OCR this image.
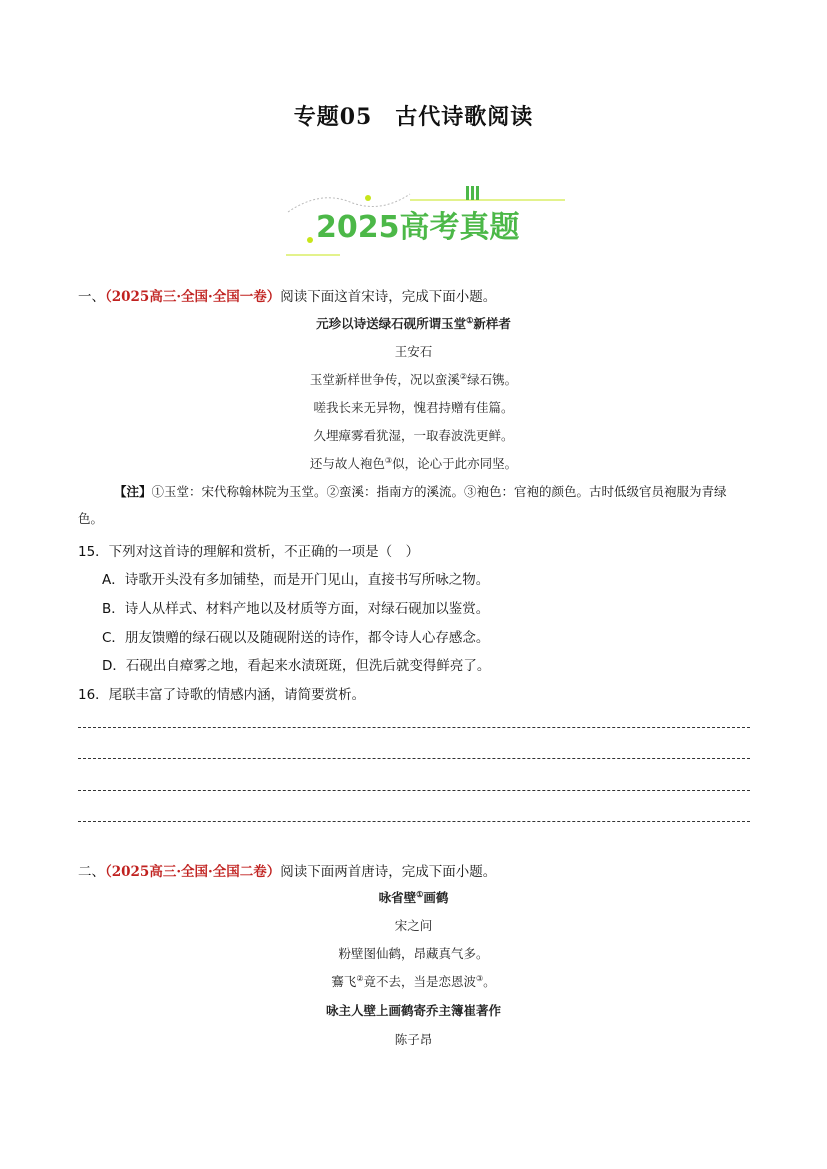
专题05　古代诗歌阅读
2025高考真题
一、（2025高三·全国·全国一卷）阅读下面这首宋诗，完成下面小题。
元珍以诗送绿石砚所谓玉堂①新样者
王安石
玉堂新样世争传，况以蛮溪②绿石镌。
嗟我长来无异物，愧君持赠有佳篇。
久埋瘴雾看犹湿，一取春波洗更鲜。
还与故人袍色③似，论心于此亦同坚。
【注】①玉堂：宋代称翰林院为玉堂。②蛮溪：指南方的溪流。③袍色：官袍的颜色。古时低级官员袍服为青绿色。
15．下列对这首诗的理解和赏析，不正确的一项是（　）
A．诗歌开头没有多加铺垫，而是开门见山，直接书写所咏之物。
B．诗人从样式、材料产地以及材质等方面，对绿石砚加以鉴赏。
C．朋友馈赠的绿石砚以及随砚附送的诗作，都令诗人心存感念。
D．石砚出自瘴雾之地，看起来水渍斑斑，但洗后就变得鲜亮了。
16．尾联丰富了诗歌的情感内涵，请简要赏析。
二、（2025高三·全国·全国二卷）阅读下面两首唐诗，完成下面小题。
咏省壁①画鹤
宋之问
粉壁图仙鹤，昂藏真气多。
鶱飞②竟不去，当是恋恩波③。
咏主人壁上画鹤寄乔主簿崔著作
陈子昂
